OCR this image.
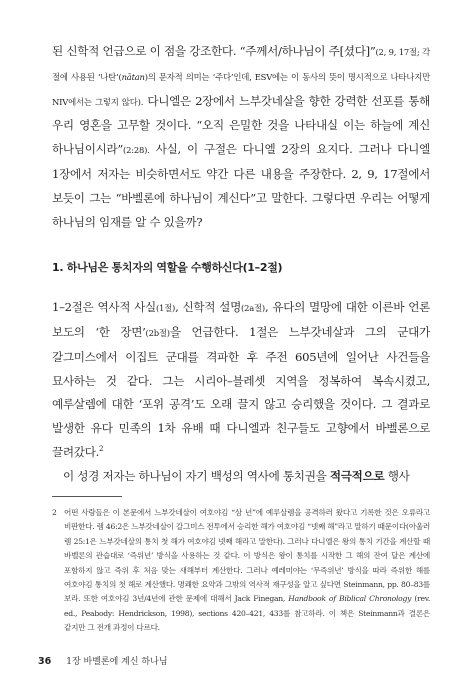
된 신학적 언급으로 이 점을 강조한다. “주께서/하나님이 주[셨다]”(2, 9, 17절; 각 절에 사용된 ‘나탄’(nātan)의 문자적 의미는 ‘주다’인데, ESV에는 이 동사의 뜻이 명시적으로 나타나지만 NIV에서는 그렇지 않다). 다니엘은 2장에서 느부갓네살을 향한 강력한 선포를 통해 우리 영혼을 고무할 것이다. “오직 은밀한 것을 나타내실 이는 하늘에 계신 하나님이시라”(2:28). 사실, 이 구절은 다니엘 2장의 요지다. 그러나 다니엘 1장에서 저자는 비슷하면서도 약간 다른 내용을 주장한다. 2, 9, 17절에서 보듯이 그는 “바벨론에 하나님이 계신다”고 말한다. 그렇다면 우리는 어떻게 하나님의 임재를 알 수 있을까?

1. 하나님은 통치자의 역할을 수행하신다(1–2절)

1–2절은 역사적 사실(1절), 신학적 설명(2a절), 유다의 멸망에 대한 이른바 언론 보도의 ‘한 장면’(2b절)을 언급한다. 1절은 느부갓네살과 그의 군대가 갈그미스에서 이집트 군대를 격파한 후 주전 605년에 일어난 사건들을 묘사하는 것 같다. 그는 시리아–블레셋 지역을 정복하여 복속시켰고, 예루살렘에 대한 ‘포위 공격’도 오래 끌지 않고 승리했을 것이다. 그 결과로 발생한 유다 민족의 1차 유배 때 다니엘과 친구들도 고향에서 바벨론으로 끌려갔다.$^2$

이 성경 저자는 하나님이 자기 백성의 역사에 통치권을 적극적으로 행사

2 어떤 사람들은 이 본문에서 느부갓네살이 여호야김 “삼 년”에 예루살렘을 공격하러 왔다고 기록한 것은 오류라고 비판한다. 렘 46:2은 느부갓네살이 갈그미스 전투에서 승리한 해가 여호야김 “넷째 해”라고 말하기 때문이다(아울러 렘 25:1은 느부갓네살의 통치 첫 해가 여호야김 넷째 해라고 말한다). 그러나 다니엘은 왕의 통치 기간을 계산할 때 바벨론의 관습대로 ‘즉위년’ 방식을 사용하는 것 같다. 이 방식은 왕이 통치를 시작한 그 해의 잔여 달은 계산에 포함하지 않고 즉위 후 처음 맞는 새해부터 계산한다. 그러나 예레미야는 ‘무즉위년’ 방식을 따라 즉위한 해를 여호야김 통치의 첫 해로 계산했다. 명쾌한 요약과 그밖의 역사적 재구성을 알고 싶다면 Steinmann, pp. 80–83를 보라. 또한 여호야김 3년/4년에 관한 문제에 대해서 Jack Finegan, Handbook of Biblical Chronology (rev. ed., Peabody: Hendrickson, 1998), sections 420–421, 433를 참고하라. 이 책은 Steinmann과 결론은 같지만 그 전개 과정이 다르다.
36 1장 바벨론에 계신 하나님
